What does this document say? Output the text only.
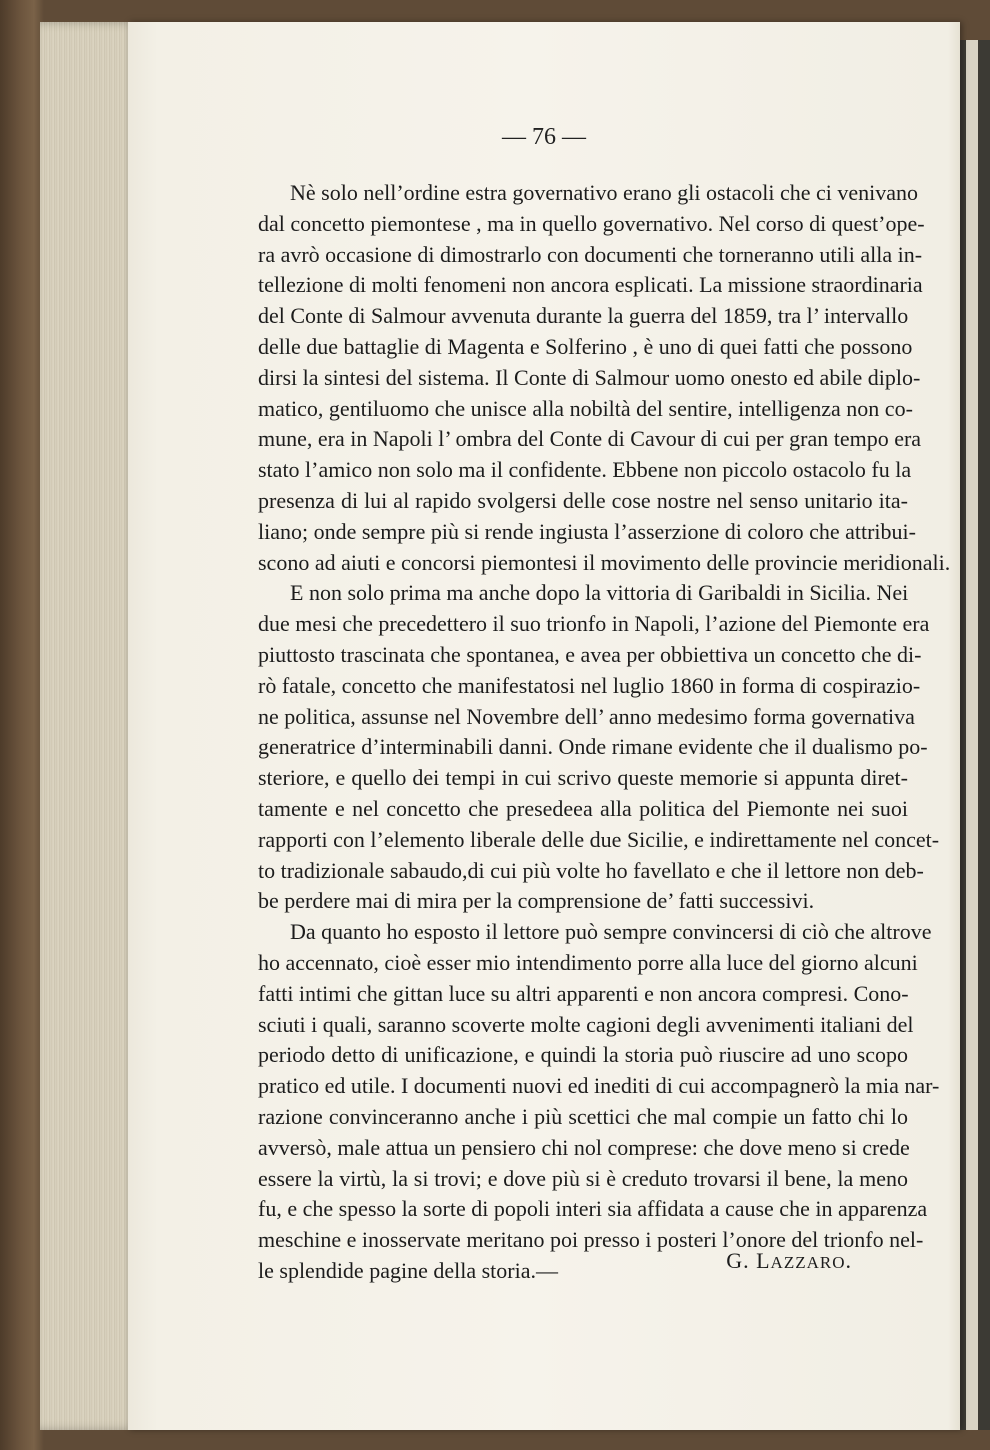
— 76 —

Nè solo nell’ordine estra governativo erano gli ostacoli che ci venivano
dal concetto piemontese , ma in quello governativo. Nel corso di quest’ope-
ra avrò occasione di dimostrarlo con documenti che torneranno utili alla in-
tellezione di molti fenomeni non ancora esplicati. La missione straordinaria
del Conte di Salmour avvenuta durante la guerra del 1859, tra l’ intervallo
delle due battaglie di Magenta e Solferino , è uno di quei fatti che possono
dirsi la sintesi del sistema. Il Conte di Salmour uomo onesto ed abile diplo-
matico, gentiluomo che unisce alla nobiltà del sentire, intelligenza non co-
mune, era in Napoli l’ ombra del Conte di Cavour di cui per gran tempo era
stato l’amico non solo ma il confidente. Ebbene non piccolo ostacolo fu la
presenza di lui al rapido svolgersi delle cose nostre nel senso unitario ita-
liano; onde sempre più si rende ingiusta l’asserzione di coloro che attribui-
scono ad aiuti e concorsi piemontesi il movimento delle provincie meridionali.

E non solo prima ma anche dopo la vittoria di Garibaldi in Sicilia. Nei
due mesi che precedettero il suo trionfo in Napoli, l’azione del Piemonte era
piuttosto trascinata che spontanea, e avea per obbiettiva un concetto che di-
rò fatale, concetto che manifestatosi nel luglio 1860 in forma di cospirazio-
ne politica, assunse nel Novembre dell’ anno medesimo forma governativa
generatrice d’interminabili danni. Onde rimane evidente che il dualismo po-
steriore, e quello dei tempi in cui scrivo queste memorie si appunta diret-
tamente e nel concetto che presedeea alla politica del Piemonte nei suoi
rapporti con l’elemento liberale delle due Sicilie, e indirettamente nel concet-
to tradizionale sabaudo,di cui più volte ho favellato e che il lettore non deb-
be perdere mai di mira per la comprensione de’ fatti successivi.

Da quanto ho esposto il lettore può sempre convincersi di ciò che altrove
ho accennato, cioè esser mio intendimento porre alla luce del giorno alcuni
fatti intimi che gittan luce su altri apparenti e non ancora compresi. Cono-
sciuti i quali, saranno scoverte molte cagioni degli avvenimenti italiani del
periodo detto di unificazione, e quindi la storia può riuscire ad uno scopo
pratico ed utile. I documenti nuovi ed inediti di cui accompagnerò la mia nar-
razione convinceranno anche i più scettici che mal compie un fatto chi lo
avversò, male attua un pensiero chi nol comprese: che dove meno si crede
essere la virtù, la si trovi; e dove più si è creduto trovarsi il bene, la meno
fu, e che spesso la sorte di popoli interi sia affidata a cause che in apparenza
meschine e inosservate meritano poi presso i posteri l’onore del trionfo nel-
le splendide pagine della storia.—	G. LAZZARO.
